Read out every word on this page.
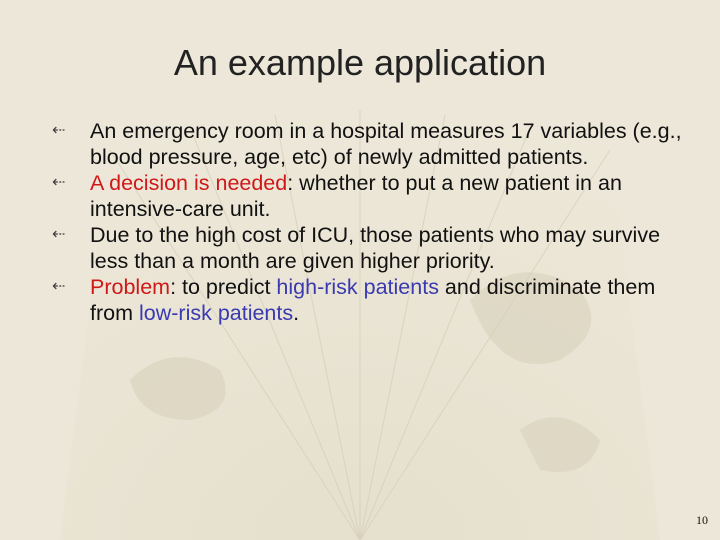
An example application
⇠ An emergency room in a hospital measures 17 variables (e.g., blood pressure, age, etc) of newly admitted patients.
⇠ A decision is needed: whether to put a new patient in an intensive-care unit.
⇠ Due to the high cost of ICU, those patients who may survive less than a month are given higher priority.
⇠ Problem: to predict high-risk patients and discriminate them from low-risk patients.
10
